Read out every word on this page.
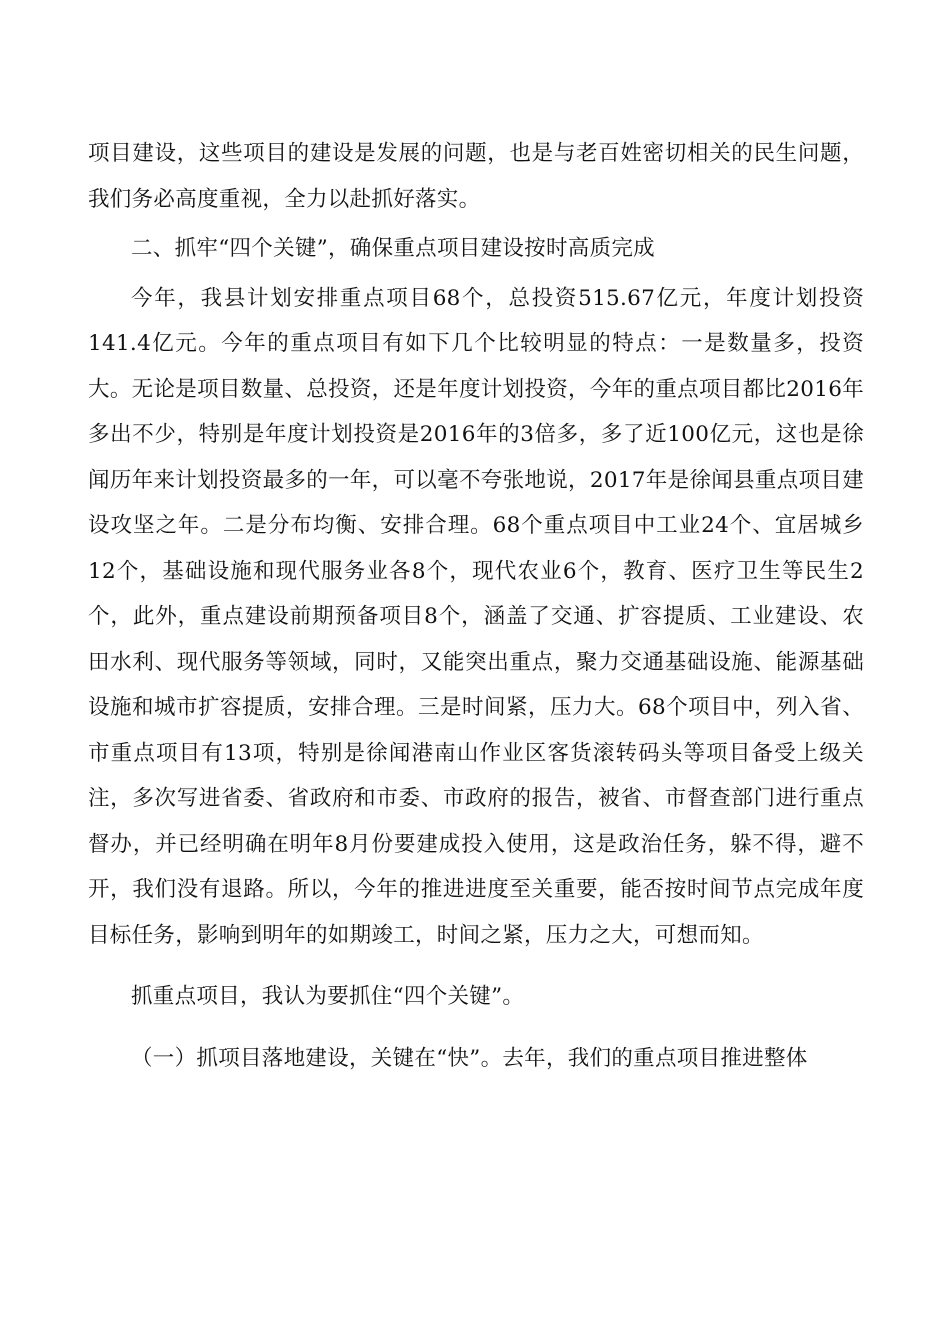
项目建设，这些项目的建设是发展的问题，也是与老百姓密切相关的民生问题，我们务必高度重视，全力以赴抓好落实。

二、抓牢“四个关键”，确保重点项目建设按时高质完成

今年，我县计划安排重点项目68个，总投资515.67亿元，年度计划投资141.4亿元。今年的重点项目有如下几个比较明显的特点：一是数量多，投资大。无论是项目数量、总投资，还是年度计划投资，今年的重点项目都比2016年多出不少，特别是年度计划投资是2016年的3倍多，多了近100亿元，这也是徐闻历年来计划投资最多的一年，可以毫不夸张地说，2017年是徐闻县重点项目建设攻坚之年。二是分布均衡、安排合理。68个重点项目中工业24个、宜居城乡12个，基础设施和现代服务业各8个，现代农业6个，教育、医疗卫生等民生2个，此外，重点建设前期预备项目8个，涵盖了交通、扩容提质、工业建设、农田水利、现代服务等领域，同时，又能突出重点，聚力交通基础设施、能源基础设施和城市扩容提质，安排合理。三是时间紧，压力大。68个项目中，列入省、市重点项目有13项，特别是徐闻港南山作业区客货滚转码头等项目备受上级关注，多次写进省委、省政府和市委、市政府的报告，被省、市督查部门进行重点督办，并已经明确在明年8月份要建成投入使用，这是政治任务，躲不得，避不开，我们没有退路。所以，今年的推进进度至关重要，能否按时间节点完成年度目标任务，影响到明年的如期竣工，时间之紧，压力之大，可想而知。

抓重点项目，我认为要抓住“四个关键”。

（一）抓项目落地建设，关键在“快”。去年，我们的重点项目推进整体
